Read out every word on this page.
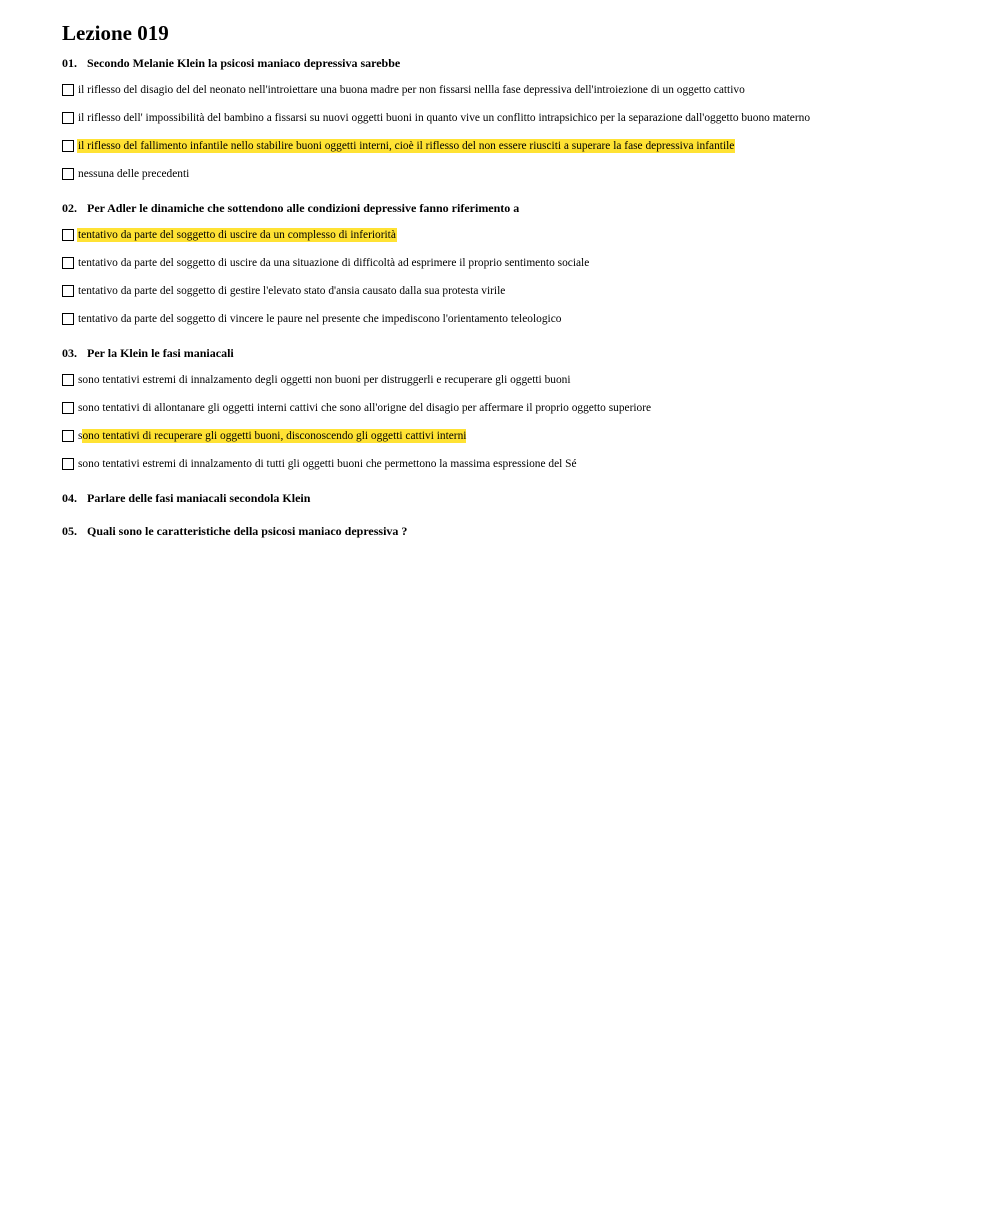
Lezione 019
01. Secondo Melanie Klein la psicosi maniaco depressiva sarebbe
il riflesso del disagio del del neonato nell'introiettare una buona madre per non fissarsi nellla fase depressiva dell'introiezione di un oggetto cattivo
il riflesso dell' impossibilità del bambino a fissarsi su nuovi oggetti buoni in quanto vive un conflitto intrapsichico per la separazione dall'oggetto buono materno
il riflesso del fallimento infantile nello stabilire buoni oggetti interni, cioè il riflesso del non essere riusciti a superare la fase depressiva infantile
nessuna delle precedenti
02. Per Adler le dinamiche che sottendono alle condizioni depressive fanno riferimento a
tentativo da parte del soggetto di uscire da un complesso di inferiorità
tentativo da parte del soggetto di uscire da una situazione di difficoltà ad esprimere il proprio sentimento sociale
tentativo da parte del soggetto di gestire l'elevato stato d'ansia causato dalla sua protesta virile
tentativo da parte del soggetto di vincere le paure nel presente che impediscono l'orientamento teleologico
03. Per la Klein le fasi maniacali
sono tentativi estremi di innalzamento degli oggetti non buoni per distruggerli e recuperare gli oggetti buoni
sono tentativi di allontanare gli oggetti interni cattivi che sono all'origne del disagio per affermare il proprio oggetto superiore
s ono tentativi di recuperare gli oggetti buoni, disconoscendo gli oggetti cattivi interni
sono tentativi estremi di innalzamento di tutti gli oggetti buoni che permettono la massima espressione del Sé
04. Parlare delle fasi maniacali secondola Klein
05. Quali sono le caratteristiche della psicosi maniaco depressiva ?
